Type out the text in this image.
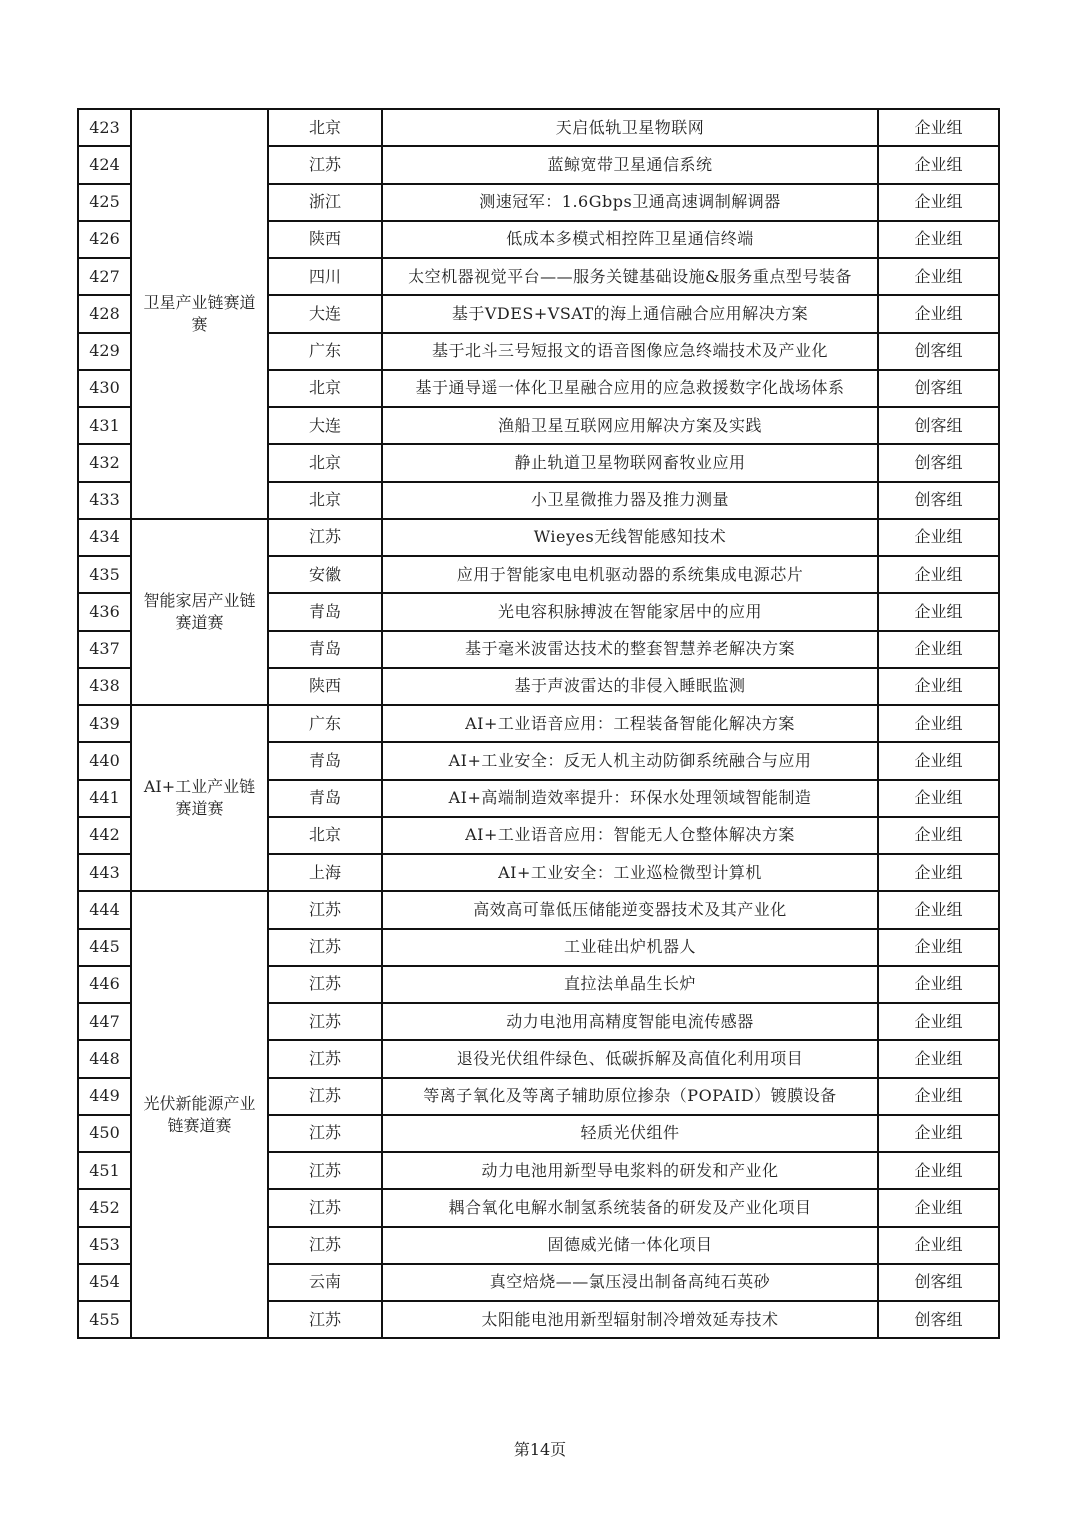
423	卫星产业链赛道赛	北京	天启低轨卫星物联网	企业组
424		江苏	蓝鲸宽带卫星通信系统	企业组
425		浙江	测速冠军：1.6Gbps卫通高速调制解调器	企业组
426		陕西	低成本多模式相控阵卫星通信终端	企业组
427		四川	太空机器视觉平台——服务关键基础设施&服务重点型号装备	企业组
428		大连	基于VDES+VSAT的海上通信融合应用解决方案	企业组
429		广东	基于北斗三号短报文的语音图像应急终端技术及产业化	创客组
430		北京	基于通导遥一体化卫星融合应用的应急救援数字化战场体系	创客组
431		大连	渔船卫星互联网应用解决方案及实践	创客组
432		北京	静止轨道卫星物联网畜牧业应用	创客组
433		北京	小卫星微推力器及推力测量	创客组
434	智能家居产业链赛道赛	江苏	Wieyes无线智能感知技术	企业组
435		安徽	应用于智能家电电机驱动器的系统集成电源芯片	企业组
436		青岛	光电容积脉搏波在智能家居中的应用	企业组
437		青岛	基于毫米波雷达技术的整套智慧养老解决方案	企业组
438		陕西	基于声波雷达的非侵入睡眠监测	企业组
439	AI+工业产业链赛道赛	广东	AI+工业语音应用：工程装备智能化解决方案	企业组
440		青岛	AI+工业安全：反无人机主动防御系统融合与应用	企业组
441		青岛	AI+高端制造效率提升：环保水处理领域智能制造	企业组
442		北京	AI+工业语音应用：智能无人仓整体解决方案	企业组
443		上海	AI+工业安全：工业巡检微型计算机	企业组
444	光伏新能源产业链赛道赛	江苏	高效高可靠低压储能逆变器技术及其产业化	企业组
445		江苏	工业硅出炉机器人	企业组
446		江苏	直拉法单晶生长炉	企业组
447		江苏	动力电池用高精度智能电流传感器	企业组
448		江苏	退役光伏组件绿色、低碳拆解及高值化利用项目	企业组
449		江苏	等离子氧化及等离子辅助原位掺杂（POPAID）镀膜设备	企业组
450		江苏	轻质光伏组件	企业组
451		江苏	动力电池用新型导电浆料的研发和产业化	企业组
452		江苏	耦合氧化电解水制氢系统装备的研发及产业化项目	企业组
453		江苏	固德威光储一体化项目	企业组
454		云南	真空焙烧——氯压浸出制备高纯石英砂	创客组
455		江苏	太阳能电池用新型辐射制冷增效延寿技术	创客组
第14页
